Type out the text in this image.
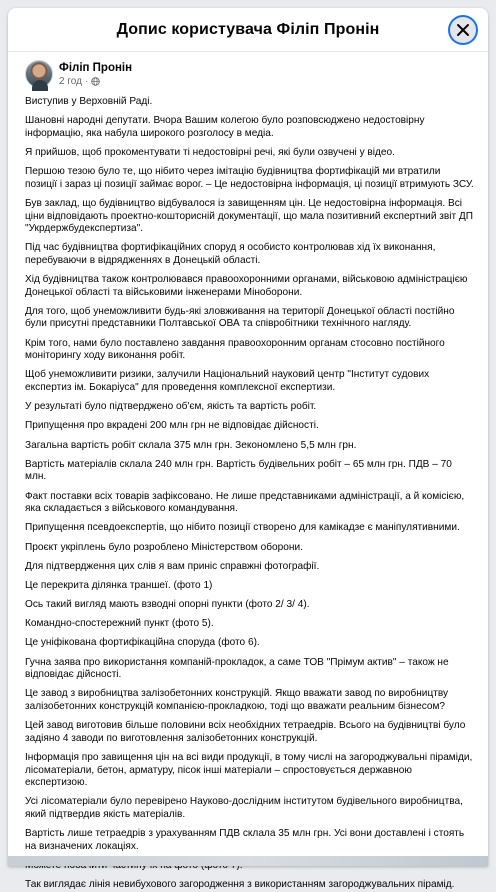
Допис користувача Філіп Пронін
Філіп Пронін
2 год ·

Виступив у Верховній Раді.

Шановні народні депутати. Вчора Вашим колегою було розповсюджено недостовірну інформацію, яка набула широкого розголосу в медіа.

Я прийшов, щоб прокоментувати ті недостовірні речі, які були озвучені у відео.

Першою тезою було те, що нібито через імітацію будівництва фортифікацій ми втратили позиції і зараз ці позиції займає ворог. – Це недостовірна інформація, ці позиції втримують ЗСУ.

Був заклад, що будівництво відбувалося із завищенням цін. Це недостовірна інформація. Всі ціни відповідають проектно-кошторисній документації, що мала позитивний експертний звіт ДП "Укрдержбудекспертиза".

Під час будівництва фортифікаційних споруд я особисто контролював хід їх виконання, перебуваючи в відрядженнях в Донецькій області.

Хід будівництва також контролювався правоохоронними органами, військовою адміністрацією Донецької області та військовими інженерами Міноборони.

Для того, щоб унеможливити будь-які зловживання на території Донецької області постійно були присутні представники Полтавської ОВА та співробітники технічного нагляду.

Крім того, нами було поставлено завдання правоохоронним органам стосовно постійного моніторингу ходу виконання робіт.

Щоб унеможливити ризики, залучили Національний науковий центр "Інститут судових експертиз ім. Бокаріуса" для проведення комплексної експертизи.

У результаті було підтверджено об'єм, якість та вартість робіт.

Припущення про вкрадені 200 млн грн не відповідає дійсності.

Загальна вартість робіт склала 375 млн грн. Зекономлено 5,5 млн грн.

Вартість матеріалів склала 240 млн грн. Вартість будівельних робіт – 65 млн грн. ПДВ – 70 млн.

Факт поставки всіх товарів зафіксовано. Не лише представниками адміністрації, а й комісією, яка складається з військового командування.

Припущення псевдоекспертів, що нібито позиції створено для камікадзе є маніпулятивними.

Проєкт укріплень було розроблено Міністерством оборони.

Для підтвердження цих слів я вам приніс справжні фотографії.

Це перекрита ділянка траншеї. (фото 1)

Ось такий вигляд мають взводні опорні пункти (фото 2/ 3/ 4).

Командно-спостережний пункт (фото 5).

Це уніфікована фортифікаційна споруда (фото 6).

Гучна заява про використання компаній-прокладок, а саме ТОВ "Прімум актив" – також не відповідає дійсності.

Це завод з виробництва залізобетонних конструкцій. Якщо вважати завод по виробництву залізобетонних конструкцій компанією-прокладкою, тоді що вважати реальним бізнесом?

Цей завод виготовив більше половини всіх необхідних тетраедрів. Всього на будівництві було задіяно 4 заводи по виготовлення залізобетонних конструкцій.

Інформація про завищення цін на всі види продукції, в тому числі на загороджувальні піраміди, лісоматеріали, бетон, арматуру, пісок інші матеріали – спростовується державною експертизою.

Усі лісоматеріали було перевірено Науково-дослідним інститутом будівельного виробництва, який підтвердив якість матеріалів.

Вартість лише тетраедрів з урахуванням ПДВ склала 35 млн грн. Усі вони доставлені і стоять на визначених локаціях.

Так виглядає лінія невибухового загородження з використанням загороджувальних пірамід.
